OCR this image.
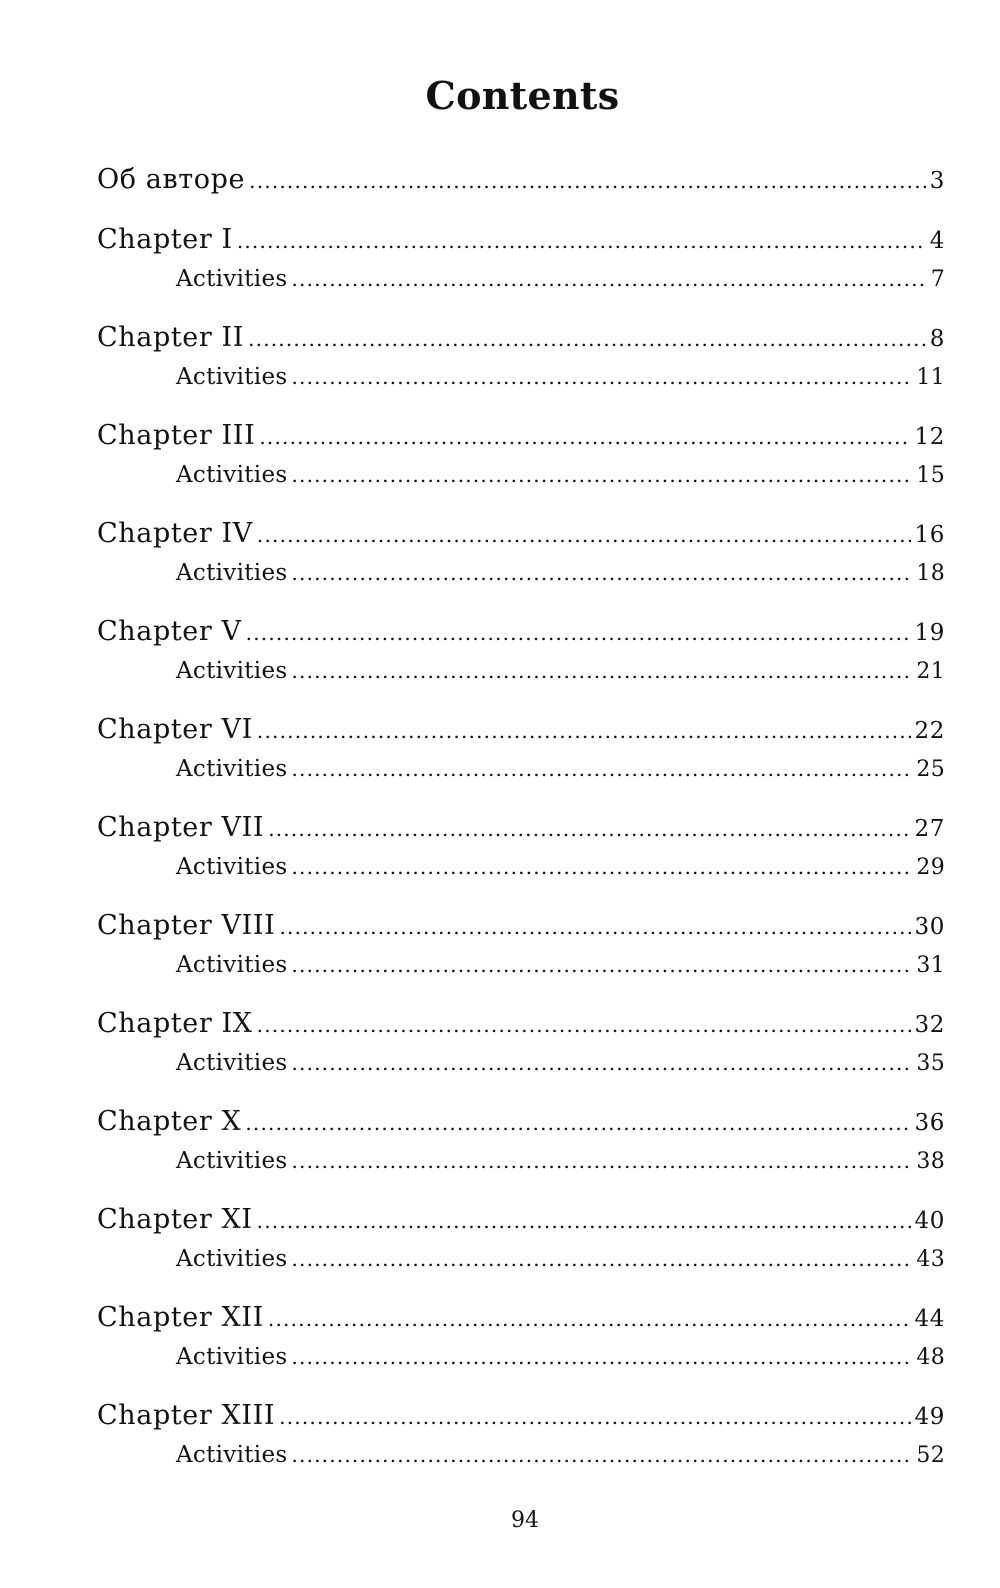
Contents
Об авторе .....	3
Chapter I .....	4
Activities .....	7
Chapter II .....	8
Activities .....	11
Chapter III .....	12
Activities .....	15
Chapter IV .....	16
Activities .....	18
Chapter V .....	19
Activities .....	21
Chapter VI .....	22
Activities .....	25
Chapter VII .....	27
Activities .....	29
Chapter VIII .....	30
Activities .....	31
Chapter IX .....	32
Activities .....	35
Chapter X .....	36
Activities .....	38
Chapter XI .....	40
Activities .....	43
Chapter XII .....	44
Activities .....	48
Chapter XIII .....	49
Activities .....	52
94
